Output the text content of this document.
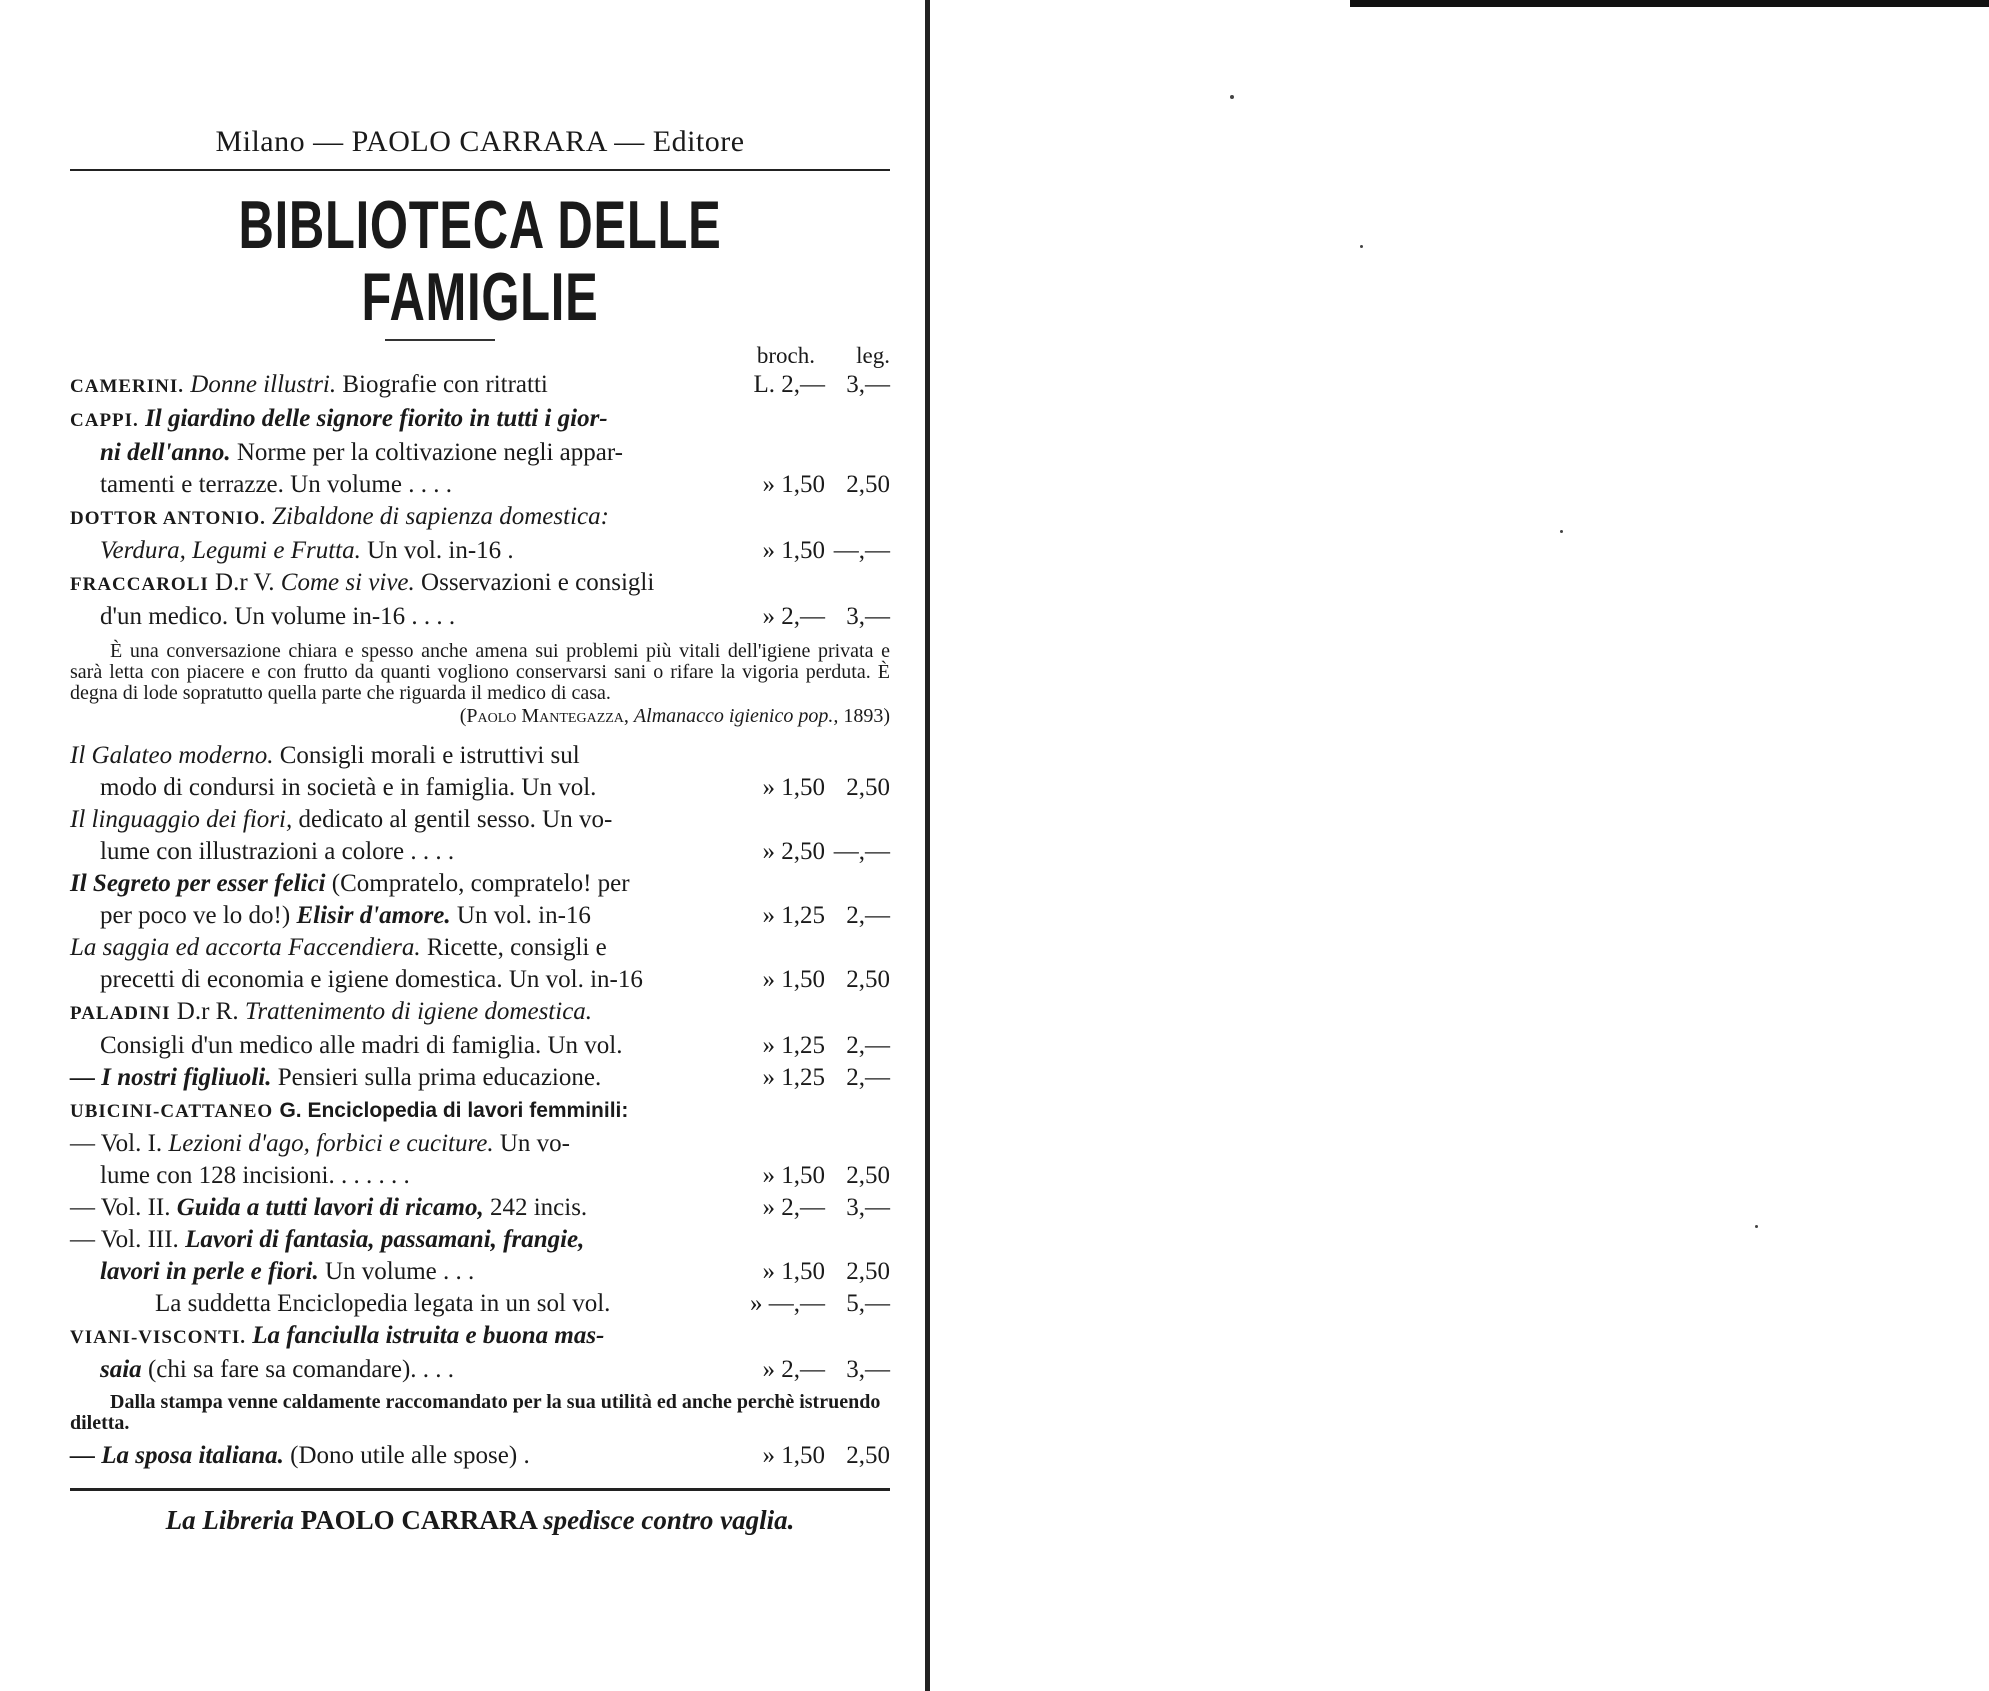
Milano — PAOLO CARRARA — Editore
BIBLIOTECA DELLE FAMIGLIE
broch.	leg.
CAMERINI. Donne illustri. Biografie con ritratti	L. 2,— 3,—
CAPPI. Il giardino delle signore fiorito in tutti i gior-
ni dell'anno. Norme per la coltivazione negli appar-
tamenti e terrazze. Un volume . . . .	» 1,50 2,50
DOTTOR ANTONIO. Zibaldone di sapienza domestica:
Verdura, Legumi e Frutta. Un vol. in-16 .	» 1,50 —,—
FRACCAROLI D.r V. Come si vive. Osservazioni e consigli
d'un medico. Un volume in-16 . . . .	» 2,— 3,—
È una conversazione chiara e spesso anche amena sui problemi più vitali dell'igiene privata e sarà letta con piacere e con frutto da quanti vogliono conservarsi sani o rifare la vigoria perduta. È degna di lode sopratutto quella parte che riguarda il medico di casa.
(Paolo Mantegazza, Almanacco igienico pop., 1893)
Il Galateo moderno. Consigli morali e istruttivi sul
modo di condursi in società e in famiglia. Un vol.	» 1,50 2,50
Il linguaggio dei fiori, dedicato al gentil sesso. Un vo-
lume con illustrazioni a colore . . . .	» 2,50 —,—
Il Segreto per esser felici (Compratelo, compratelo! per
per poco ve lo do!) Elisir d'amore. Un vol. in-16	» 1,25 2,—
La saggia ed accorta Faccendiera. Ricette, consigli e
precetti di economia e igiene domestica. Un vol. in-16	» 1,50 2,50
PALADINI D.r R. Trattenimento di igiene domestica.
Consigli d'un medico alle madri di famiglia. Un vol.	» 1,25 2,—
— I nostri figliuoli. Pensieri sulla prima educazione.	» 1,25 2,—
UBICINI-CATTANEO G. Enciclopedia di lavori femminili:
— Vol. I. Lezioni d'ago, forbici e cuciture. Un vo-
lume con 128 incisioni. . . . . . .	» 1,50 2,50
— Vol. II. Guida a tutti lavori di ricamo, 242 incis.	» 2,— 3,—
— Vol. III. Lavori di fantasia, passamani, frangie,
lavori in perle e fiori. Un volume . . .	» 1,50 2,50
La suddetta Enciclopedia legata in un sol vol.	» —,— 5,—
VIANI-VISCONTI. La fanciulla istruita e buona mas-
saia (chi sa fare sa comandare). . . .	» 2,— 3,—
Dalla stampa venne caldamente raccomandato per la sua utilità ed anche perchè istruendo diletta.
— La sposa italiana. (Dono utile alle spose) .	» 1,50 2,50
La Libreria PAOLO CARRARA spedisce contro vaglia.
